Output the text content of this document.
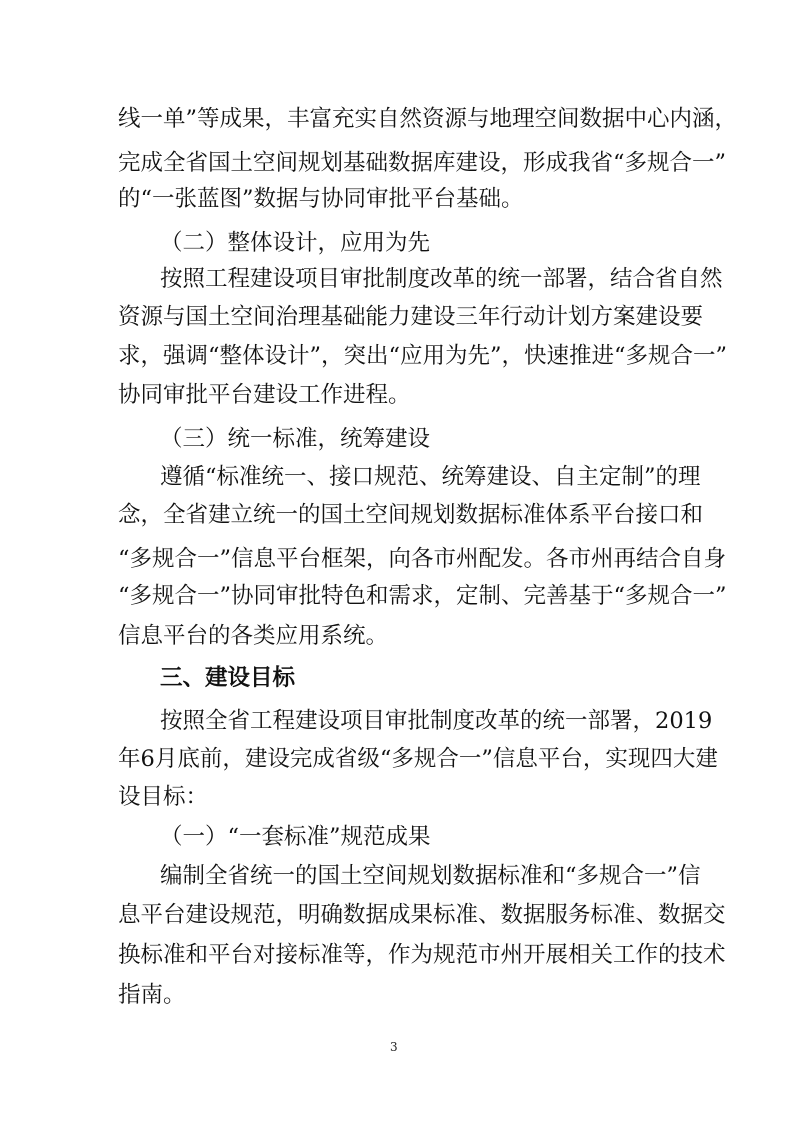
线一单”等成果，丰富充实自然资源与地理空间数据中心内涵，
完成全省国土空间规划基础数据库建设，形成我省“多规合一”
的“一张蓝图”数据与协同审批平台基础。
（二）整体设计，应用为先
按照工程建设项目审批制度改革的统一部署，结合省自然
资源与国土空间治理基础能力建设三年行动计划方案建设要
求，强调“整体设计”，突出“应用为先”，快速推进“多规合一”
协同审批平台建设工作进程。
（三）统一标准，统筹建设
遵循“标准统一、接口规范、统筹建设、自主定制”的理
念，全省建立统一的国土空间规划数据标准体系平台接口和
“多规合一”信息平台框架，向各市州配发。各市州再结合自身
“多规合一”协同审批特色和需求，定制、完善基于“多规合一”
信息平台的各类应用系统。
三、建设目标
按照全省工程建设项目审批制度改革的统一部署，2019
年6月底前，建设完成省级“多规合一”信息平台，实现四大建
设目标：
（一）“一套标准”规范成果
编制全省统一的国土空间规划数据标准和“多规合一”信
息平台建设规范，明确数据成果标准、数据服务标准、数据交
换标准和平台对接标准等，作为规范市州开展相关工作的技术
指南。
3
